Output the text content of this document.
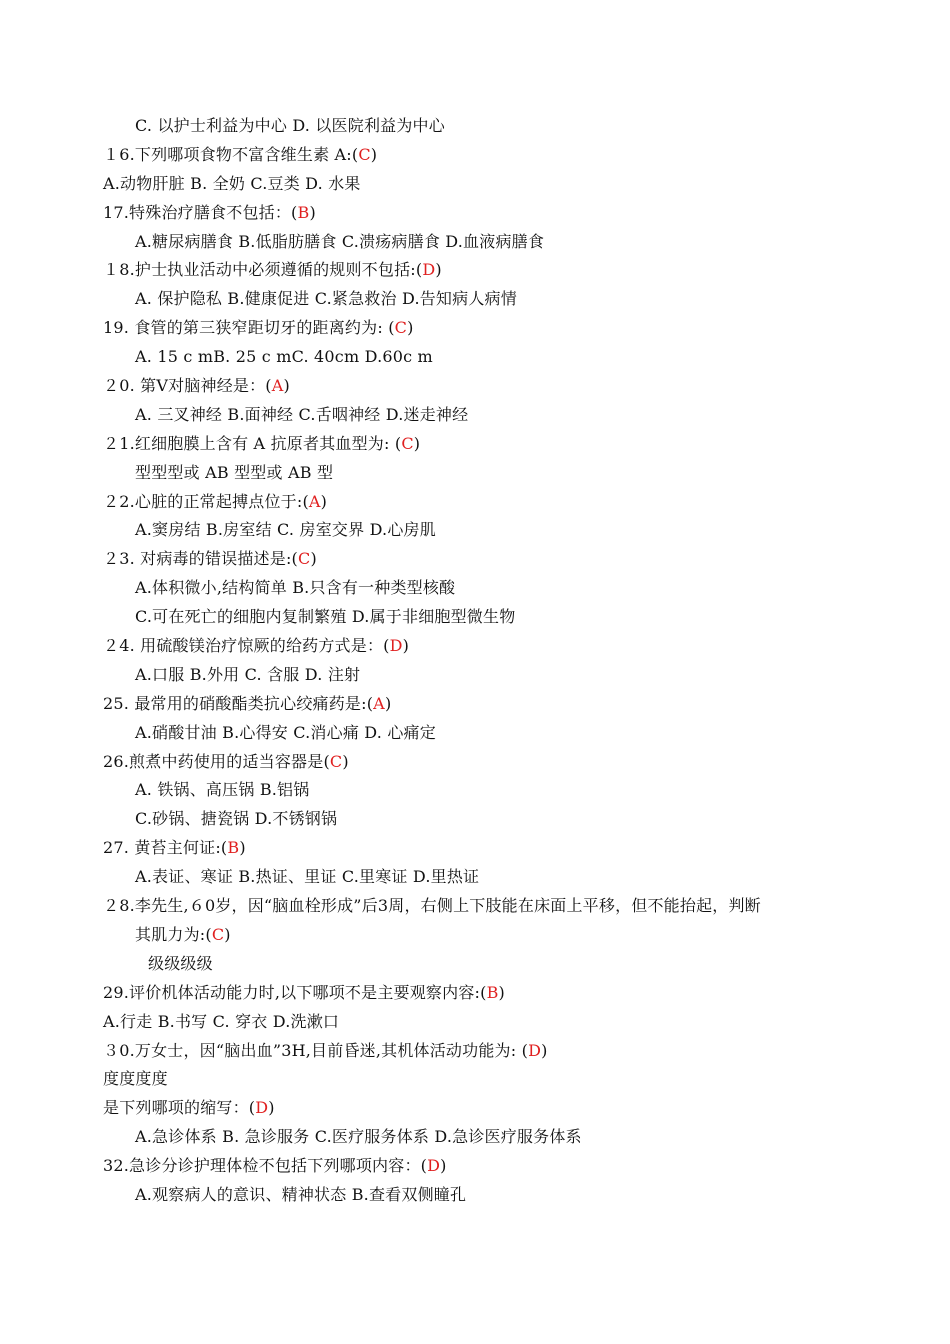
C. 以护士利益为中心 D. 以医院利益为中心
１6.下列哪项食物不富含维生素 A:(C)
A.动物肝脏 B. 全奶 C.豆类 D. 水果
17.特殊治疗膳食不包括：(B)
A.糖尿病膳食 B.低脂肪膳食 C.溃疡病膳食 D.血液病膳食
１8.护士执业活动中必须遵循的规则不包括:(D)
A. 保护隐私 B.健康促进 C.紧急救治 D.告知病人病情
19. 食管的第三狭窄距切牙的距离约为: (C)
A. 15 c mB. 25 c mC. 40cm D.60c m
２0. 第Ⅴ对脑神经是：(A)
A. 三叉神经 B.面神经 C.舌咽神经 D.迷走神经
２1.红细胞膜上含有 A 抗原者其血型为: (C)
型型型或 AB 型型或 AB 型
２2.心脏的正常起搏点位于:(A)
A.窦房结 B.房室结 C. 房室交界 D.心房肌
２3. 对病毒的错误描述是:(C)
A.体积微小,结构简单 B.只含有一种类型核酸
C.可在死亡的细胞内复制繁殖 D.属于非细胞型微生物
２4. 用硫酸镁治疗惊厥的给药方式是：(D)
A.口服 B.外用 C. 含服 D. 注射
25. 最常用的硝酸酯类抗心绞痛药是:(A)
A.硝酸甘油 B.心得安 C.消心痛 D. 心痛定
26.煎煮中药使用的适当容器是(C)
A. 铁锅、高压锅 B.铝锅
C.砂锅、搪瓷锅 D.不锈钢锅
27. 黄苔主何证:(B)
A.表证、寒证 B.热证、里证 C.里寒证 D.里热证
２8.李先生,６0岁，因“脑血栓形成”后3周，右侧上下肢能在床面上平移，但不能抬起，判断
其肌力为:(C)
级级级级
29.评价机体活动能力时,以下哪项不是主要观察内容:(B)
A.行走 B.书写 C. 穿衣 D.洗漱口
３0.万女士，因“脑出血”3H,目前昏迷,其机体活动功能为: (D)
度度度度
是下列哪项的缩写：(D)
A.急诊体系 B. 急诊服务 C.医疗服务体系 D.急诊医疗服务体系
32.急诊分诊护理体检不包括下列哪项内容：(D)
A.观察病人的意识、精神状态 B.查看双侧瞳孔
